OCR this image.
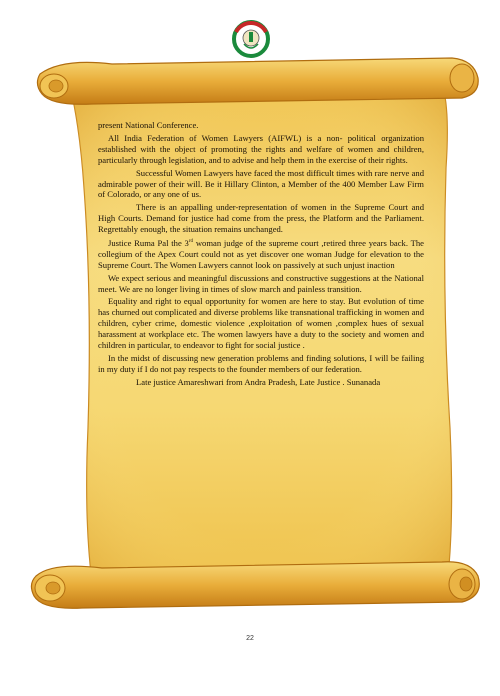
present National Conference.

All India Federation of Women Lawyers (AIFWL) is a non- political organization established with the object of promoting the rights and welfare of women and children, particularly through legislation, and to advise and help them in the exercise of their rights.

Successful Women Lawyers have faced the most difficult times with rare nerve and admirable power of their will. Be it Hillary Clinton, a Member of the 400 Member Law Firm of Colorado, or any one of us.

There is an appalling under-representation of women in the Supreme Court and High Courts. Demand for justice had come from the press, the Platform and the Parliament. Regrettably enough, the situation remains unchanged.

Justice Ruma Pal the 3rd woman judge of the supreme court ,retired three years back. The collegium of the Apex Court could not as yet discover one woman Judge for elevation to the Supreme Court. The Women Lawyers cannot look on passively at such unjust inaction

We expect serious and meaningful discussions and constructive suggestions at the National meet. We are no longer living in times of slow march and painless transition.

Equality and right to equal opportunity for women are here to stay. But evolution of time has churned out complicated and diverse problems like transnational trafficking in women and children, cyber crime, domestic violence ,exploitation of women ,complex hues of sexual harassment at workplace etc. The women lawyers have a duty to the society and women and children in particular, to endeavor to fight for social justice .

In the midst of discussing new generation problems and finding solutions, I will be failing in my duty if I do not pay respects to the founder members of our federation.

Late justice Amareshwari from Andra Pradesh, Late Justice . Sunanada

22
